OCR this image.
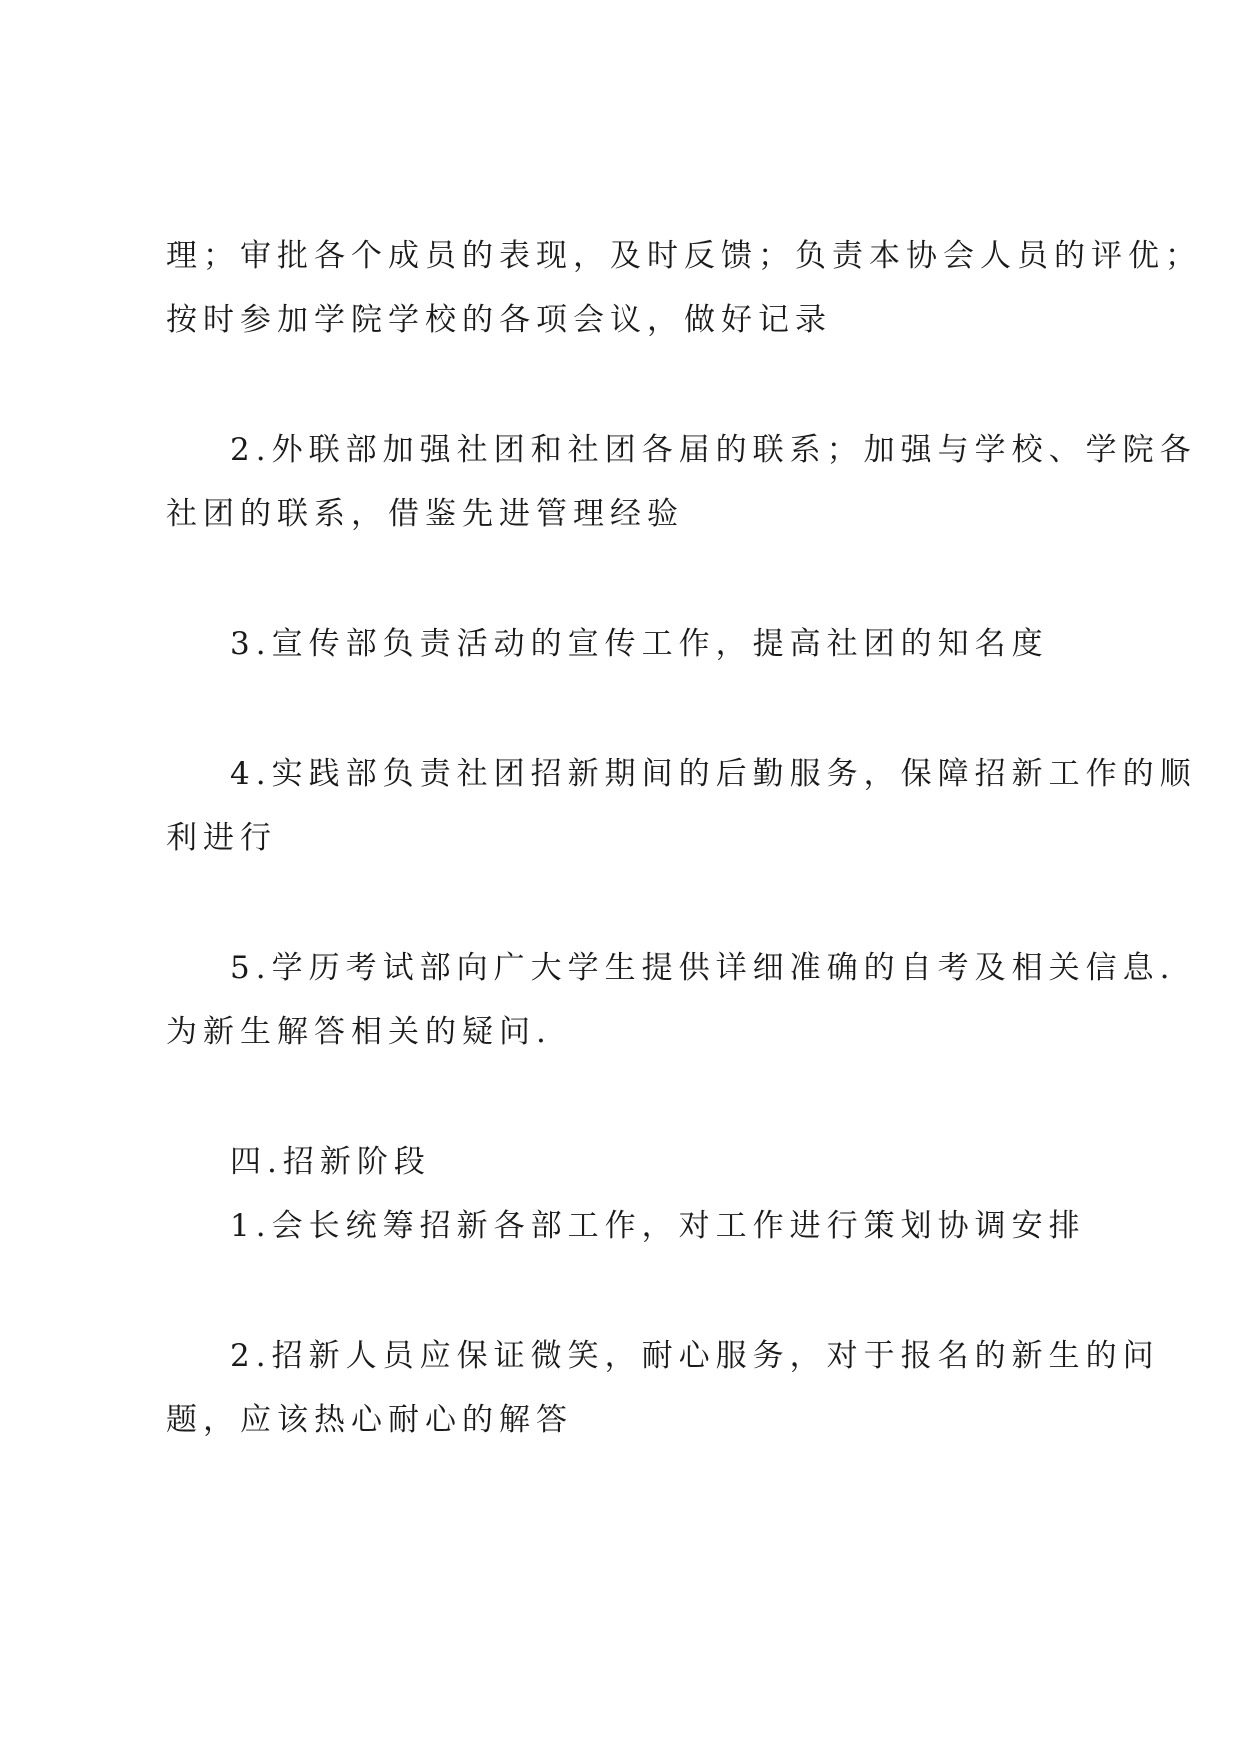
理；审批各个成员的表现，及时反馈；负责本协会人员的评优；
按时参加学院学校的各项会议，做好记录

2.外联部加强社团和社团各届的联系；加强与学校、学院各
社团的联系，借鉴先进管理经验

3.宣传部负责活动的宣传工作，提高社团的知名度

4.实践部负责社团招新期间的后勤服务，保障招新工作的顺
利进行

5.学历考试部向广大学生提供详细准确的自考及相关信息.
为新生解答相关的疑问.

四.招新阶段

1.会长统筹招新各部工作，对工作进行策划协调安排

2.招新人员应保证微笑，耐心服务，对于报名的新生的问
题，应该热心耐心的解答
